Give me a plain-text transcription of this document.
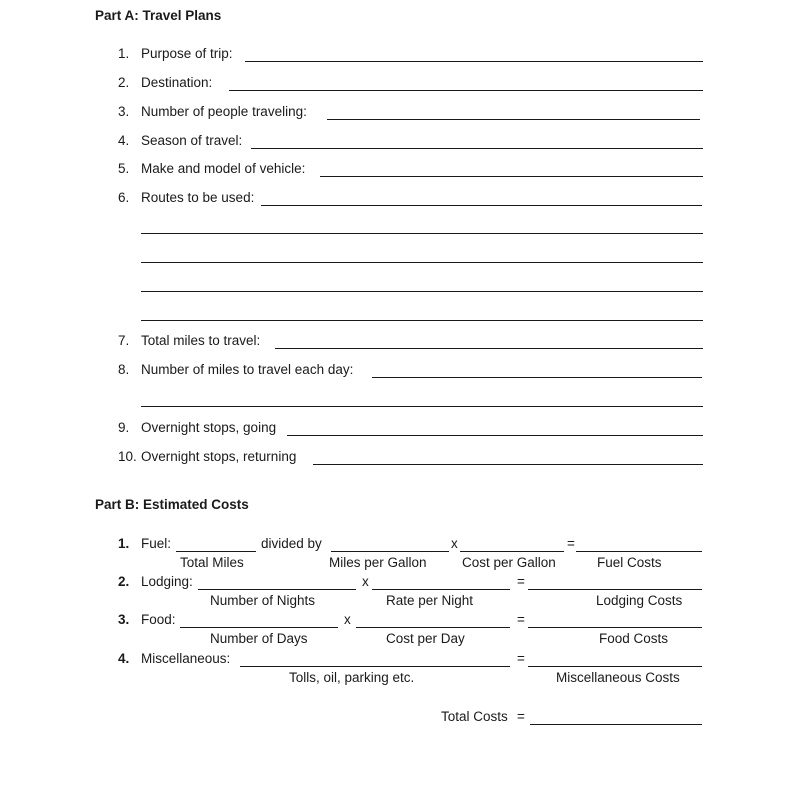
Part A: Travel Plans
1. Purpose of trip:
2. Destination:
3. Number of people traveling:
4. Season of travel:
5. Make and model of vehicle:
6. Routes to be used:
7. Total miles to travel:
8. Number of miles to travel each day:
9. Overnight stops, going
10. Overnight stops, returning
Part B: Estimated Costs
1. Fuel:	divided by	x	=
Total Miles	Miles per Gallon	Cost per Gallon	Fuel Costs
2. Lodging:	x	=
Number of Nights	Rate per Night	Lodging Costs
3. Food:	x	=
Number of Days	Cost per Day	Food Costs
4. Miscellaneous:	=
Tolls, oil, parking etc.	Miscellaneous Costs
Total Costs =
